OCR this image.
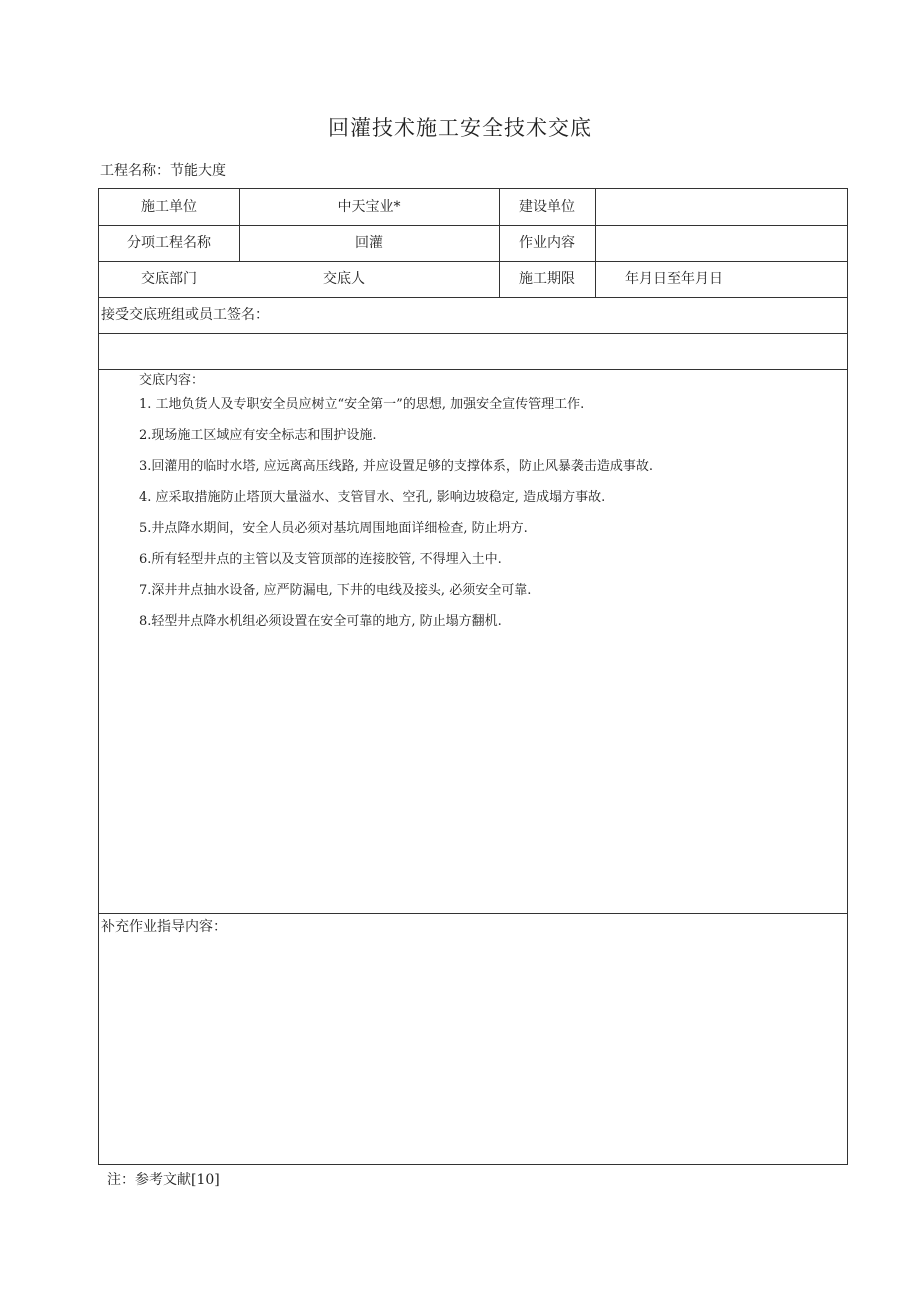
回灌技术施工安全技术交底
工程名称：节能大度
施工单位	中天宝业*	建设单位
分项工程名称	回灌	作业内容
交底部门	交底人	施工期限	年月日至年月日
接受交底班组或员工签名：
交底内容：
1. 工地负货人及专职安全员应树立“安全第一”的思想, 加强安全宣传管理工作.
2.现场施工区域应有安全标志和围护设施.
3.回灌用的临时水塔, 应远离高压线路, 并应设置足够的支撑体系，防止风暴袭击造成事故.
4. 应采取措施防止塔顶大量溢水、支管冒水、空孔, 影响边坡稳定, 造成塌方事故.
5.井点降水期间，安全人员必须对基坑周围地面详细检查, 防止坍方.
6.所有轻型井点的主管以及支管顶部的连接胶管, 不得埋入土中.
7.深井井点抽水设备, 应严防漏电, 下井的电线及接头, 必须安全可靠.
8.轻型井点降水机组必须设置在安全可靠的地方, 防止塌方翻机.
补充作业指导内容：
注：参考文献[10]
